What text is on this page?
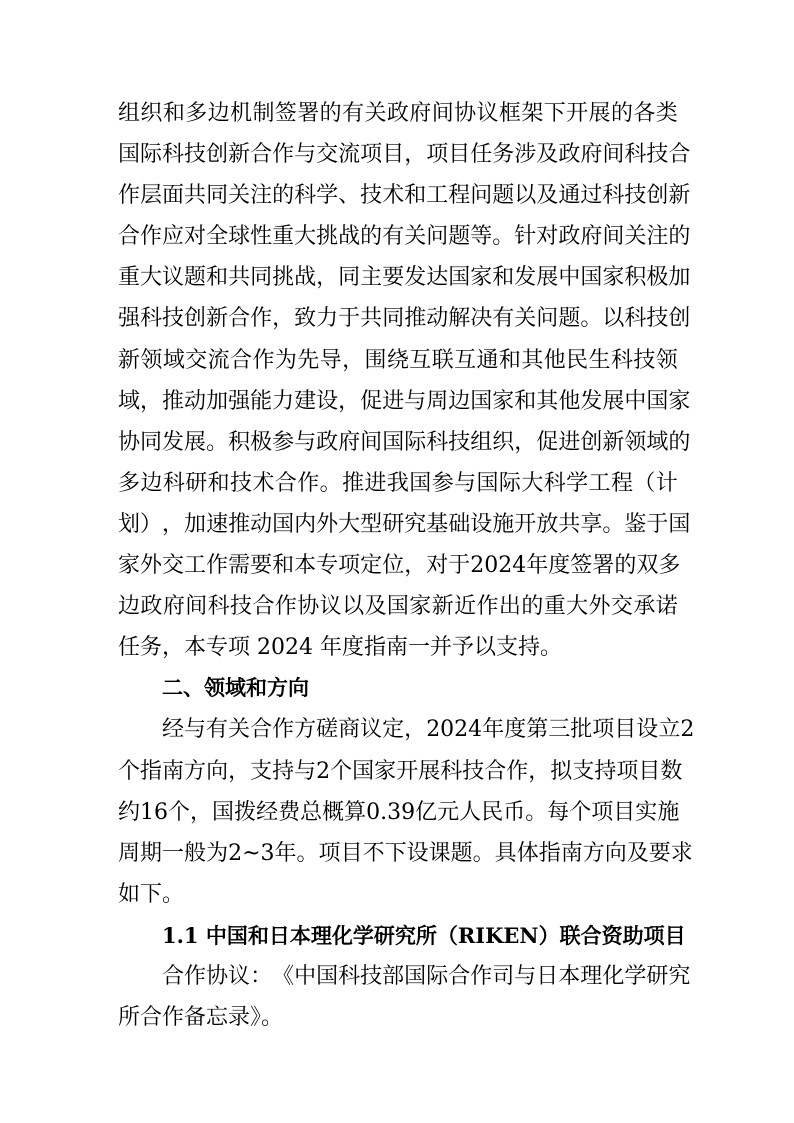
组 织 和 多 边 机 制 签 署 的 有 关 政 府 间 协 议 框 架 下 开 展 的 各 类
国 际 科 技 创 新 合 作 与 交 流 项 目 ， 项 目 任 务 涉 及 政 府 间 科 技 合
作 层 面 共 同 关 注 的 科 学 、 技 术 和 工 程 问 题 以 及 通 过 科 技 创 新
合 作 应 对 全 球 性 重 大 挑 战 的 有 关 问 题 等 。 针 对 政 府 间 关 注 的
重 大 议 题 和 共 同 挑 战 ， 同 主 要 发 达 国 家 和 发 展 中 国 家 积 极 加
强 科 技 创 新 合 作 ， 致 力 于 共 同 推 动 解 决 有 关 问 题 。 以 科 技 创
新 领 域 交 流 合 作 为 先 导 ， 围 绕 互 联 互 通 和 其 他 民 生 科 技 领
域 ， 推 动 加 强 能 力 建 设 ， 促 进 与 周 边 国 家 和 其 他 发 展 中 国 家
协 同 发 展 。 积 极 参 与 政 府 间 国 际 科 技 组 织 ， 促 进 创 新 领 域 的
多 边 科 研 和 技 术 合 作 。 推 进 我 国 参 与 国 际 大 科 学 工 程 （ 计
划 ） ， 加 速 推 动 国 内 外 大 型 研 究 基 础 设 施 开 放 共 享 。 鉴 于 国
家 外 交 工 作 需 要 和 本 专 项 定 位 ， 对 于 2024 年 度 签 署 的 双 多
边 政 府 间 科 技 合 作 协 议 以 及 国 家 新 近 作 出 的 重 大 外 交 承 诺
任务，本专项 2024 年度指南一并予以支持。
二、领域和方向
经 与 有 关 合 作 方 磋 商 议 定 ， 2024 年 度 第 三 批 项 目 设 立 2
个 指 南 方 向 ， 支 持 与 2 个 国 家 开 展 科 技 合 作 ， 拟 支 持 项 目 数
约 16 个 ， 国 拨 经 费 总 概 算 0.39 亿 元 人 民 币 。 每 个 项 目 实 施
周 期 一 般 为 2~3 年 。 项 目 不 下 设 课 题 。 具 体 指 南 方 向 及 要 求
如下。
1.1 中国和日本理化学研究所（RIKEN）联合资助项目
合 作 协 议 ： 《 中 国 科 技 部 国 际 合 作 司 与 日 本 理 化 学 研 究
所合作备忘录》。
